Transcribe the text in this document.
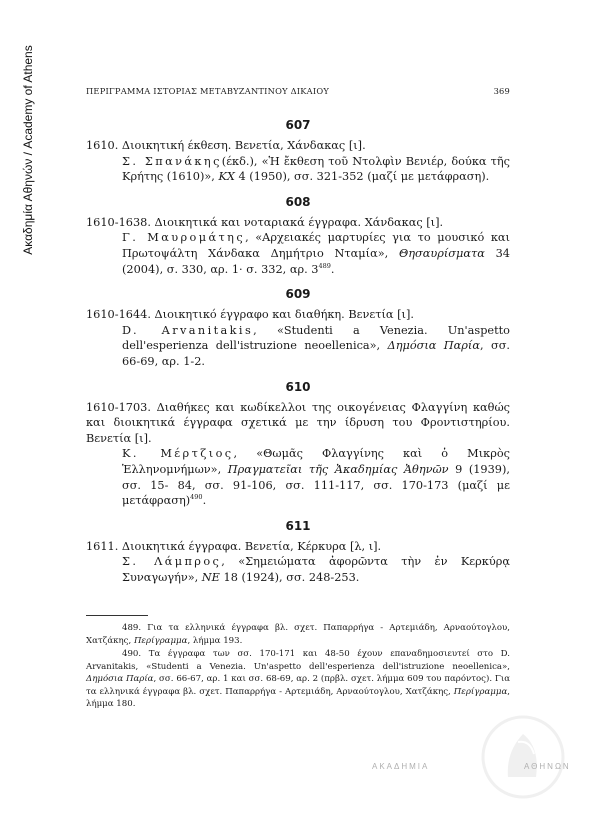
Ακαδημία Αθηνών / Academy of Athens	ΠΕΡΙΓΡΑΜΜΑ ΙΣΤΟΡΙΑΣ ΜΕΤΑΒΥΖΑΝΤΙΝΟΥ ΔΙΚΑΙΟΥ	369
607
1610. Διοικητική έκθεση. Βενετία, Χάνδακας [ι].
Σ. Σπανάκης(έκδ.), «Ἡ ἔκθεση τοῦ Ντολφὶν Βενιέρ, δούκα τῆς Κρήτης (1610)», ΚΧ 4 (1950), σσ. 321-352 (μαζί με μετάφραση).
608
1610-1638. Διοικητικά και νοταριακά έγγραφα. Χάνδακας [ι].
Γ. Μαυρομάτης, «Αρχειακές μαρτυρίες για το μουσικό και Πρωτοψάλτη Χάνδακα Δημήτριο Νταμία», Θησαυρίσματα 34 (2004), σ. 330, αρ. 1· σ. 332, αρ. $3^{489}$.
609
1610-1644. Διοικητικό έγγραφο και διαθήκη. Βενετία [ι].
D. Arvanitakis, «Studenti a Venezia. Un'aspetto dell'esperienza dell'istruzione neoellenica», Δημόσια Παρία, σσ. 66-69, αρ. 1-2.
610
1610-1703. Διαθήκες και κωδίκελλοι της οικογένειας Φλαγγίνη καθώς και διοικητικά έγγραφα σχετικά με την ίδρυση του Φροντιστηρίου. Βενετία [ι].
Κ. Μέρτζιος, «Θωμᾶς Φλαγγίνης καὶ ὁ Μικρὸς Ἑλληνομνήμων», Πραγματεῖαι τῆς Ἀκαδημίας Ἀθηνῶν 9 (1939), σσ. 15- 84, σσ. 91-106, σσ. 111-117, σσ. 170-173 (μαζί με μετάφραση)$^{490}$.
611
1611. Διοικητικά έγγραφα. Βενετία, Κέρκυρα [λ, ι].
Σ. Λάμπρος, «Σημειώματα ἀφορῶντα τὴν ἐν Κερκύρᾳ Συναγωγήν», ΝΕ 18 (1924), σσ. 248-253.
489. Για τα ελληνικά έγγραφα βλ. σχετ. Παπαρρήγα - Αρτεμιάδη, Αρναούτογλου, Χατζάκης, Περίγραμμα, λήμμα 193.
490. Τα έγγραφα των σσ. 170-171 και 48-50 έχουν επαναδημοσιευτεί στο D. Arvanitakis, «Studenti a Venezia. Un'aspetto dell'esperienza dell'istruzione neoellenica», Δημόσια Παρία, σσ. 66-67, αρ. 1 και σσ. 68-69, αρ. 2 (πρβλ. σχετ. λήμμα 609 του παρόντος). Για τα ελληνικά έγγραφα βλ. σχετ. Παπαρρήγα - Αρτεμιάδη, Αρναούτογλου, Χατζάκης, Περίγραμμα, λήμμα 180.
ΑΚΑΔΗΜΙΑ	ΑΘΗΝΩΝ
